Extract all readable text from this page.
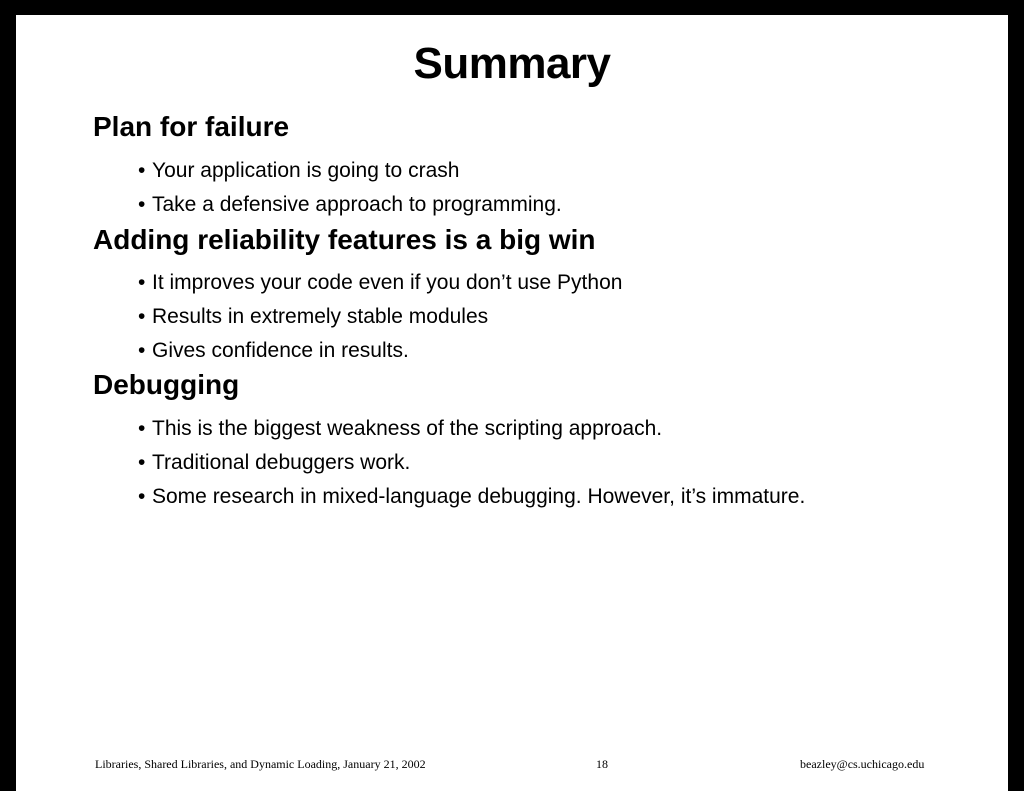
Summary
Plan for failure
• Your application is going to crash
• Take a defensive approach to programming.
Adding reliability features is a big win
• It improves your code even if you don’t use Python
• Results in extremely stable modules
• Gives confidence in results.
Debugging
• This is the biggest weakness of the scripting approach.
• Traditional debuggers work.
• Some research in mixed-language debugging. However, it’s immature.
Libraries, Shared Libraries, and Dynamic Loading, January 21, 2002	18	beazley@cs.uchicago.edu
